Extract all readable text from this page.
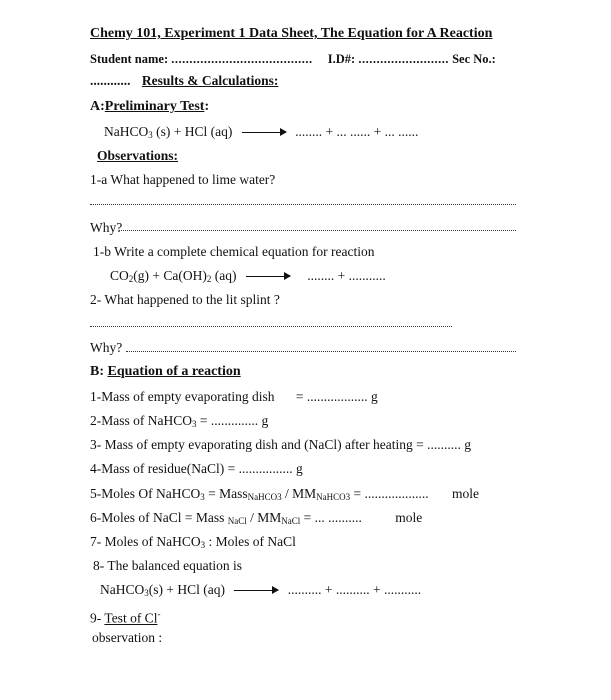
Chemy 101, Experiment 1 Data Sheet, The Equation for A Reaction
Student name: ....................................... I.D#: ......................... Sec No.:
............ Results & Calculations:
A:Preliminary Test:
NaHCO$_3$ (s) + HCl (aq) → ........ + ... ...... + ... ......
Observations:
1-a What happened to lime water?
Why?
1-b Write a complete chemical equation for reaction
$CO_2(g) + Ca(OH)_2$ (aq) → ........ + ...........
2- What happened to the lit splint ?
Why?
B: Equation of a reaction
1-Mass of empty evaporating dish = .................. g
2-Mass of NaHCO$_3$ = .............. g
3- Mass of empty evaporating dish and (NaCl) after heating = .......... g
4-Mass of residue(NaCl) = ................ g
5-Moles Of NaHCO$_3$ = Mass$_{NaHCO3}$ / $MM_{NaHCO3}$ = ................... mole
6-Moles of NaCl = Mass $_{NaCl} / MM_{NaCl}$ = ... .......... mole
7- Moles of NaHCO$_3$ : Moles of NaCl
8- The balanced equation is
NaHCO$_3$(s) + HCl (aq) → .......... + .......... + ...........
9- Test of Cl-
observation :
